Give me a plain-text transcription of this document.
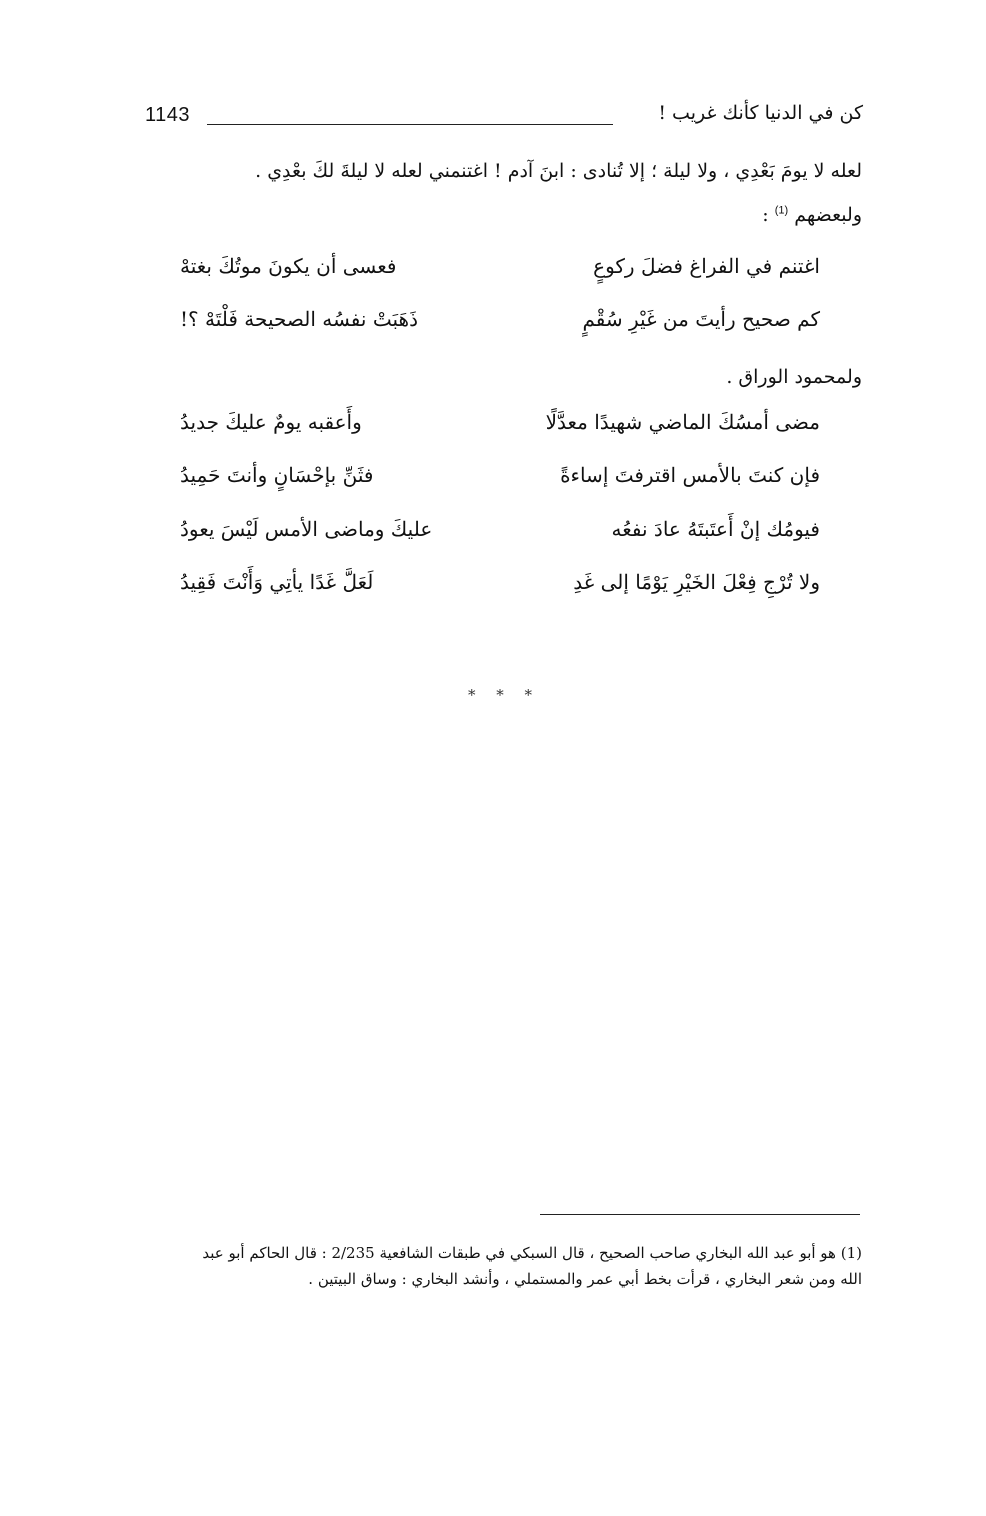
1143	كن في الدنيا كأنك غريب !
لعله لا يومَ بَعْدِي ، ولا ليلة ؛ إلا تُنادى : ابنَ آدم ! اغتنمني لعله لا ليلةَ لكَ بعْدِي .
ولبعضهم $^{(1)}$ :
اغتنم في الفراغ فضلَ ركوعٍ
فعسى أن يكونَ موتُكَ بغتهْ
كم صحيح رأيتَ من غَيْرِ سُقْمٍ
ذَهَبَتْ نفسُه الصحيحة فَلْتَهْ ؟!
ولمحمود الوراق .
مضى أمسُكَ الماضي شهيدًا معدَّلًا
وأَعقبه يومٌ عليكَ جديدُ
فإن كنتَ بالأمس اقترفتَ إساءةً
فثَنِّ بإحْسَانٍ وأنتَ حَمِيدُ
فيومُك إنْ أَعتَبتَهُ عادَ نفعُه
عليكَ وماضى الأمس لَيْسَ يعودُ
ولا تُرْجِ فِعْلَ الخَيْرِ يَوْمًا إلى غَدِ
لَعَلَّ غَدًا يأتِي وَأَنْتَ فَقِيدُ
* * *
(1) هو أبو عبد الله البخاري صاحب الصحيح ، قال السبكي في طبقات الشافعية 2/235 : قال الحاكم أبو عبد
الله ومن شعر البخاري ، قرأت بخط أبي عمر والمستملي ، وأنشد البخاري : وساق البيتين .
